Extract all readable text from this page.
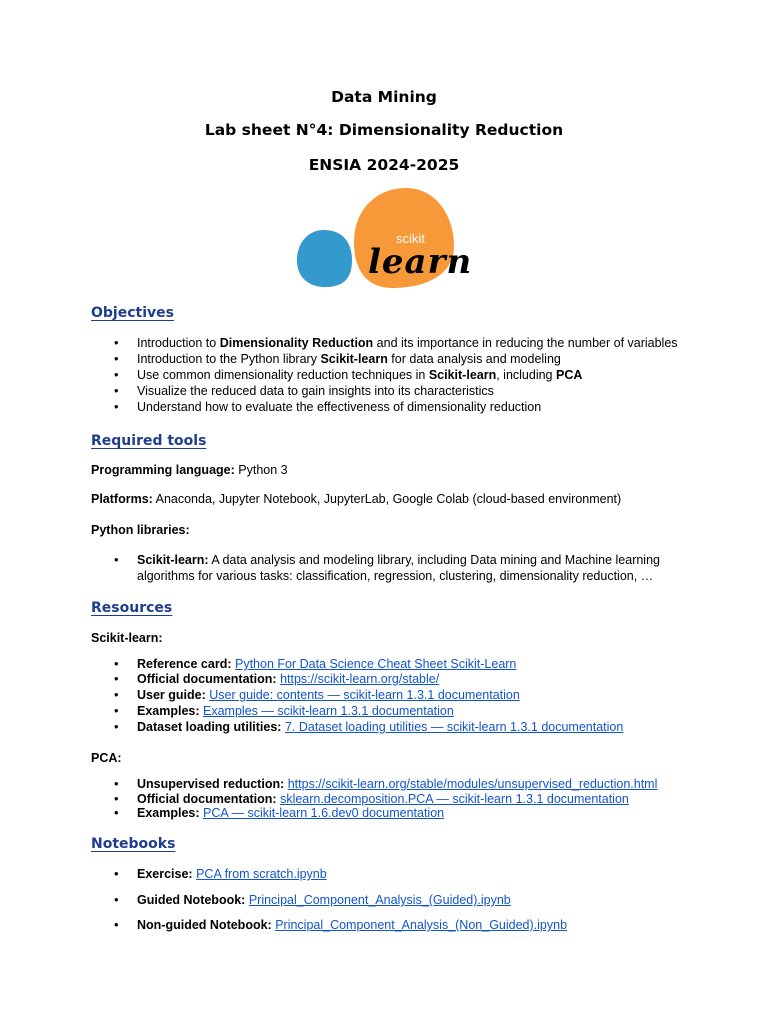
Data Mining
Lab sheet N°4: Dimensionality Reduction
ENSIA 2024-2025
scikit
learn
Objectives
• Introduction to Dimensionality Reduction and its importance in reducing the number of variables
• Introduction to the Python library Scikit-learn for data analysis and modeling
• Use common dimensionality reduction techniques in Scikit-learn, including PCA
• Visualize the reduced data to gain insights into its characteristics
• Understand how to evaluate the effectiveness of dimensionality reduction
Required tools
Programming language: Python 3
Platforms: Anaconda, Jupyter Notebook, JupyterLab, Google Colab (cloud-based environment)
Python libraries:
• Scikit-learn: A data analysis and modeling library, including Data mining and Machine learning algorithms for various tasks: classification, regression, clustering, dimensionality reduction, …
Resources
Scikit-learn:
• Reference card: Python For Data Science Cheat Sheet Scikit-Learn
• Official documentation: https://scikit-learn.org/stable/
• User guide: User guide: contents — scikit-learn 1.3.1 documentation
• Examples: Examples — scikit-learn 1.3.1 documentation
• Dataset loading utilities: 7. Dataset loading utilities — scikit-learn 1.3.1 documentation
PCA:
• Unsupervised reduction: https://scikit-learn.org/stable/modules/unsupervised_reduction.html
• Official documentation: sklearn.decomposition.PCA — scikit-learn 1.3.1 documentation
• Examples: PCA — scikit-learn 1.6.dev0 documentation
Notebooks
• Exercise: PCA from scratch.ipynb
• Guided Notebook: Principal_Component_Analysis_(Guided).ipynb
• Non-guided Notebook: Principal_Component_Analysis_(Non_Guided).ipynb
